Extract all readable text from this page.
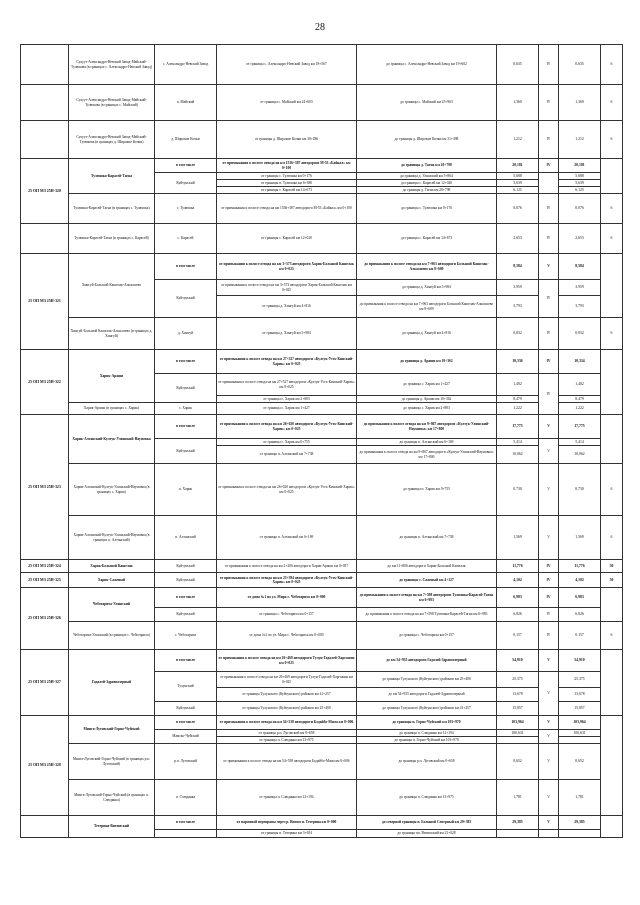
28
	Сулуут-Александро-Невский Завод-Майский-Тулюкова (в границах с. Александро-Невский Завод)	с. Александро-Невский Завод	от границы с. Александро-Невский Завод км 18+567	до границы с. Александро-Невский Завод км 19+602	0,635	IV	0,635	6
	Сулуут-Александро-Невский Завод-Майский-Тулюкова (в границах с. Майский)	п. Майский	от границы с. Майский км 24+603	до границы с. Майский км 25+963	1,360	IV	1,360	6
	Сулуут-Александро-Невский Завод-Майский-Тулюкова (в границах д. Широкие Кочки)	д. Широкие Кочки	от границы д. Широкие Кочки км 30+286	до границы д. Широкие Кочки км 31+498	1,212	IV	1,212	6
25 ОП МЗ 25Н-320	Тулюшка-Карасей-Тагна	в том числе	от примыкания к полосе отвода на км 1536+387 автодороги М-53 «Байкал» км 0+100	до границы д. Тагна км 20+798	20,181	IV	20,181	
		Куйтунский	от границы с. Тулюшка км 0+176	до границы д. Уляшский км 5+864	5,688		5,688	
			от границы п. Тулюшка км 6+380	до границы с. Карасей км 12+020	5,639		5,639	
			от границы с. Карасей км 14+673	до границы д. Тагна км 20+798	6,125		6,125	
	Тулюшка-Карасей-Тагна (в границах с. Тулюшка)	с. Тулюшка	от примыкания к полосе отвода на км 1536+387 автодороги М-53 «Байкал» км 0+100	до границы с. Тулюшка км 0+176	0,076	IV	0,076	6
	Тулюшка-Карасей-Тагна (в границах с. Карасей)	с. Карасей	от границы с. Карасей км 12+020	до границы с. Карасей км 14+673	2,653	IV	2,653	6
25 ОП МЗ 25Н-321	Хингуй-Большой Кашелак-Алкасшево	в том числе	от примыкания к полосе отвода на км 3+573 автодороги Харик-Большой Кашелак км 0+025	до примыкания к полосе отвода на км 7+963 автодороги Большой Кашелак-Алкасшево км 8+609	8,584	V	8,584	
		Куйтунский	от примыкания к полосе отвода на км 3+573 автодороги Харик-Большой Кашелак км 0+025	до границы д. Хингуй км 3+984	3,959	IV	3,959	
			от границы д. Хингуй км 4+816	до примыкания к полосе отвода на км 7+963 автодороги Большой Кашелак-Алкасшево км 8+609	3,793		3,793	
	Хингуй-Большой Кашелак-Алкасшево (в границах д. Хингуй)	д. Хингуй	от границы д. Хингуй км 3+984	до границы д. Хингуй км 4+816	0,832	IV	0,832	6
25 ОП МЗ 25Н-322	Харик-Араши	в том числе	от примыкания к полосе отвода на км 27+527 автодороги «Култук-Усть-Кинский-Харик» км 0+025	до границы д. Араши км 10+362	10,336	IV	10,334	
		Куйтунский	от примыкания к полосе отвода на км 27+527 автодороги «Култук-Усть-Кинский-Харик» км 0+025	до границы с. Харик км 1+427	1,402	IV	1,402	
			от границы с. Харик км 2+883	до границы д. Араши км 10+362	8,479		8,479	
	Харик-Араши (в границах с. Харик)	с. Харик	от границы с. Харик км 1+427	до границы с. Харик км 2+883	1,222		1,222	
25 ОП МЗ 25Н-323	Харик-Алтанский-Култук-Уляшский-Наумовка	в том числе	от примыкания к полосе отвода на км 26+020 автодороги «Култук-Усть-Кинский-Харик» км 0+025	до примыкания к полосе отвода на км 9+867 автодороги «Култук-Уляшский-Наумовка» км 17+800	17,775	V	17,775	
		Куйтунский	от границы с. Харик км 0+755	до границы п. Алтанский км 6+169	5,414	V	5,414	
			от границы п. Алтанский км 7+738	до примыкания к полосе отвода на км 9+867 автодороги «Култук-Уляшский-Наумовка» км 17+800	10,062		10,062	
	Харик-Алтанский-Култук-Уляшский-Наумовка (в границах с. Харик)	п. Харик	от примыкания к полосе отвода на км 26+020 автодороги «Култук-Усть-Кинский-Харик» км 0+025	до границы п. Харик км 0+755	0,730	V	0,730	6
	Харик-Алтанский-Култук-Уляшский-Наумовка (в границах п. Алтанский)	п. Алтанский	от границы п. Алтанский км 6+169	до границы п. Алтанский км 7+738	1,569	V	1,569	6
25 ОП МЗ 25Н-324	Харик-Большой Кашелак	Куйтунский	от примыкания к полосе отвода на км 2+206 автодороги Харик-Араши км 0+057	до км 11+806 автодороги Харик-Большой Кашелак	11,776	IV	11,776	50
25 ОП МЗ 25Н-325	Харик-Саженый	Куйтунский	от примыкания к полосе отвода на км 23+394 автодороги «Култук-Усть-Кинский-Харик» км 0+025	до границы с. Саженый км 4+127	4,102	IV	4,102	50
25 ОП МЗ 25Н-326	Чеботарихa-Уляшский	в том числе	от дома №1 по ул. Мира с. Чеботариха км 0+000	до примыкания к полосе отвода на км 7+598 автодороги Тулюшка-Карасей-Тагна км 6+983	6,983	IV	6,983	
		Куйтунский	от границы с. Чеботариха км 0+157	до примыкания к полосе отвода на км 7+598 Тулюшка-Карасей-Тагна км 6+983	6,826	IV	6,826	
	Чеботарихa-Уляшский (в границах с. Чеботариха)	с. Чеботариха	от дома №1 по ул. Мира с. Чеботариха км 0+000	до границы с. Чеботариха км 0+157	0,157	IV	0,157	6
25 ОП МЗ 25Н-327	Гадалей-Здравоозерный	в том числе	от примыкания к полосе отвода на км 26+469 автодороги Тулун-Гадалей-Харгажин км 0+025	до км 54+935 автодороги Гадалей-Здравоозерный	54,910	V	54,910	
		Тулунский	от примыкания к полосе отвода на км 26+469 автодороги Тулун-Гадалей-Харгажин км 0+025	до границы Тулунского (Куйтунского) районов км 25+400	25,375	V	25,375	
			от границы Тулунского (Куйтунского) районов км 41+257	до км 54+935 автодороги Гадалей-Здравоозерный	13,678		13,678	
		Куйтунский	от границы Тулунского (Куйтунского) районов км 25+400	до границы Тулунского (Куйтунского) районов км 41+257	15,857		15,857	
25 ОП МЗ 25Н-328	Мингa-Луговский-Горно-Чуйский	в том числе	от примыкания к полосе отвода на км 54+538 автодороги Бодайбо-Мамa км 0+006	до границы п. Горно-Чуйский км 103+970	103,964	V	103,964	
		Мамско-Чуйский	от границы р.п. Луговский км 0+658	до границы п. Слюдянка км 12+194	100,631	V	100,631	
			от границы п. Слюдянка км 13+975	до границы п. Горно-Чуйский км 103+970				
	Мингa-Луговский-Горно-Чуйский (в границах р.п. Луговский)	р.п. Луговский	от примыкания к полосе отвода на км 54+538 автодороги Бодайбо-Мамa км 0+006	до границы р.п. Луговский км 0+658	0,652	V	0,652	
	Мингa-Луговский-Горно-Чуйский (в границах п. Слюдянка)	п. Слюдянка	от границы п. Слюдянка км 12+194	до границы п. Слюдянка км 13+975	1,781	V	1,781	
	Тетерина-Витимский	в том числе	от паромной переправы через р. Витим п. Тетерина км 0+000	до северной границы п. Большой Северный км 29+385	29,385	V	29,385	
			от границы п. Тетерина км 3+654	до границы пп. Витимский км 21+028				
